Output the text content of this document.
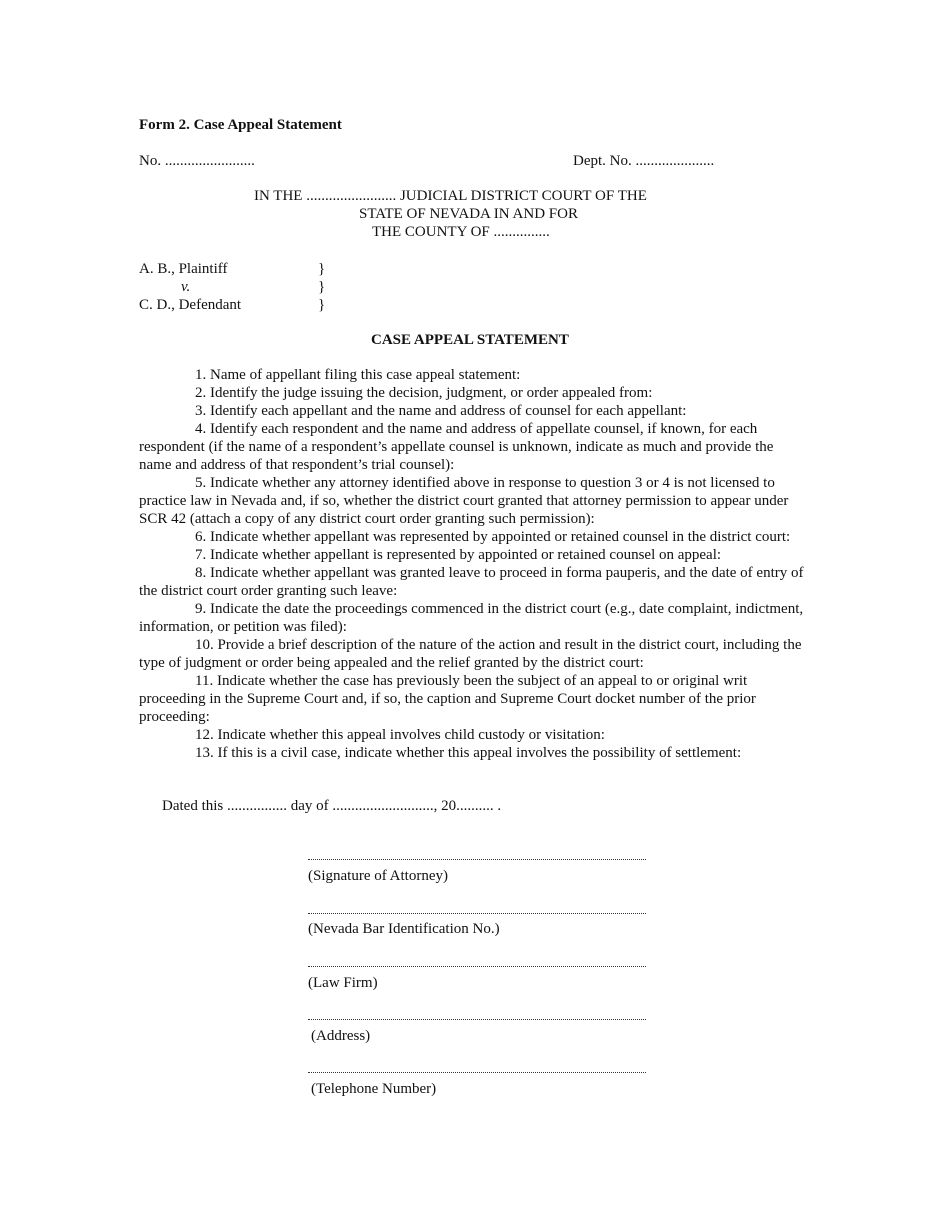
Form 2. Case Appeal Statement
No. ........................	Dept. No. .....................
IN THE ........................ JUDICIAL DISTRICT COURT OF THE
STATE OF NEVADA IN AND FOR
THE COUNTY OF ...............
A. B., Plaintiff
v.
C. D., Defendant
}
}
}
CASE APPEAL STATEMENT

1. Name of appellant filing this case appeal statement:

2. Identify the judge issuing the decision, judgment, or order appealed from:

3. Identify each appellant and the name and address of counsel for each appellant:

4. Identify each respondent and the name and address of appellate counsel, if known, for each respondent (if the name of a respondent’s appellate counsel is unknown, indicate as much and provide the name and address of that respondent’s trial counsel):

5. Indicate whether any attorney identified above in response to question 3 or 4 is not licensed to practice law in Nevada and, if so, whether the district court granted that attorney permission to appear under SCR 42 (attach a copy of any district court order granting such permission):

6. Indicate whether appellant was represented by appointed or retained counsel in the district court:

7. Indicate whether appellant is represented by appointed or retained counsel on appeal:

8. Indicate whether appellant was granted leave to proceed in forma pauperis, and the date of entry of the district court order granting such leave:

9. Indicate the date the proceedings commenced in the district court (e.g., date complaint, indictment, information, or petition was filed):

10. Provide a brief description of the nature of the action and result in the district court, including the type of judgment or order being appealed and the relief granted by the district court:

11. Indicate whether the case has previously been the subject of an appeal to or original writ proceeding in the Supreme Court and, if so, the caption and Supreme Court docket number of the prior proceeding:

12. Indicate whether this appeal involves child custody or visitation:

13. If this is a civil case, indicate whether this appeal involves the possibility of settlement:

Dated this ................ day of ..........................., 20.......... .
(Signature of Attorney)
(Nevada Bar Identification No.)
(Law Firm)
(Address)
(Telephone Number)
